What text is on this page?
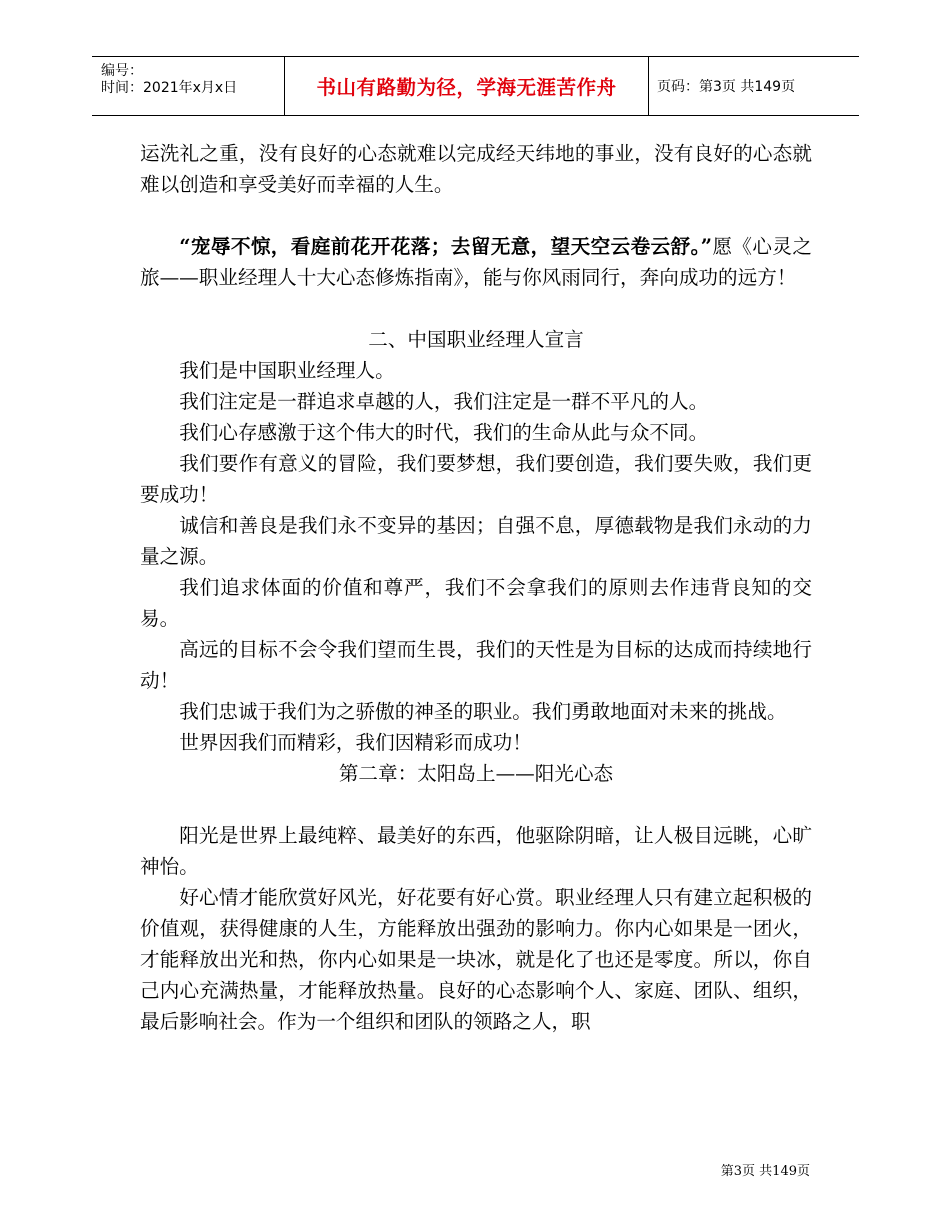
编号：
时间：2021年x月x日	书山有路勤为径，学海无涯苦作舟	页码：第3页 共149页

运洗礼之重，没有良好的心态就难以完成经天纬地的事业，没有良好的心态就难以创造和享受美好而幸福的人生。

“宠辱不惊，看庭前花开花落；去留无意，望天空云卷云舒。”愿《心灵之旅——职业经理人十大心态修炼指南》，能与你风雨同行，奔向成功的远方！

二、中国职业经理人宣言

我们是中国职业经理人。

我们注定是一群追求卓越的人，我们注定是一群不平凡的人。

我们心存感激于这个伟大的时代，我们的生命从此与众不同。

我们要作有意义的冒险，我们要梦想，我们要创造，我们要失败，我们更要成功！

诚信和善良是我们永不变异的基因；自强不息，厚德载物是我们永动的力量之源。

我们追求体面的价值和尊严，我们不会拿我们的原则去作违背良知的交易。

高远的目标不会令我们望而生畏，我们的天性是为目标的达成而持续地行动！

我们忠诚于我们为之骄傲的神圣的职业。我们勇敢地面对未来的挑战。

世界因我们而精彩，我们因精彩而成功！

第二章：太阳岛上——阳光心态

阳光是世界上最纯粹、最美好的东西，他驱除阴暗，让人极目远眺，心旷神怡。

好心情才能欣赏好风光，好花要有好心赏。职业经理人只有建立起积极的价值观，获得健康的人生，方能释放出强劲的影响力。你内心如果是一团火，才能释放出光和热，你内心如果是一块冰，就是化了也还是零度。所以，你自己内心充满热量，才能释放热量。良好的心态影响个人、家庭、团队、组织，最后影响社会。作为一个组织和团队的领路之人，职

第3页 共149页
